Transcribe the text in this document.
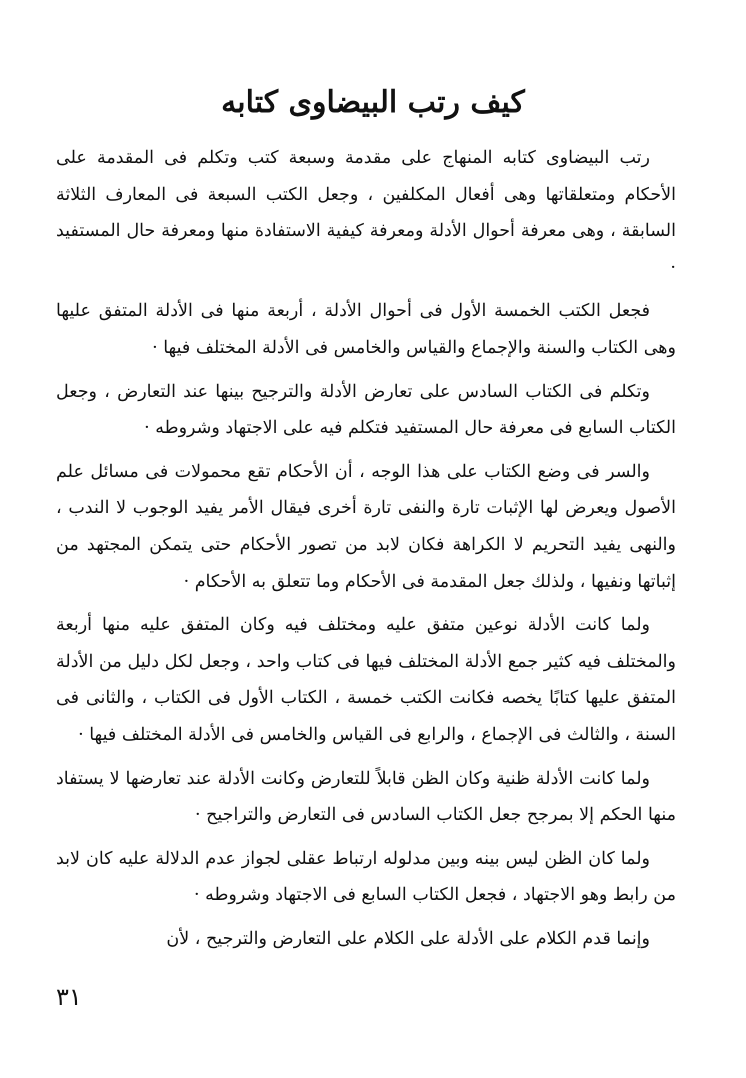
كيف رتب البيضاوى كتابه

رتب البيضاوى كتابه المنهاج على مقدمة وسبعة كتب وتكلم فى المقدمة على الأحكام ومتعلقاتها وهى أفعال المكلفين ، وجعل الكتب السبعة فى المعارف الثلاثة السابقة ، وهى معرفة أحوال الأدلة ومعرفة كيفية الاستفادة منها ومعرفة حال المستفيد ·

فجعل الكتب الخمسة الأول فى أحوال الأدلة ، أربعة منها فى الأدلة المتفق عليها وهى الكتاب والسنة والإجماع والقياس والخامس فى الأدلة المختلف فيها ·

وتكلم فى الكتاب السادس على تعارض الأدلة والترجيح بينها عند التعارض ، وجعل الكتاب السابع فى معرفة حال المستفيد فتكلم فيه على الاجتهاد وشروطه ·

والسر فى وضع الكتاب على هذا الوجه ، أن الأحكام تقع محمولات فى مسائل علم الأصول ويعرض لها الإثبات تارة والنفى تارة أخرى فيقال الأمر يفيد الوجوب لا الندب ، والنهى يفيد التحريم لا الكراهة فكان لابد من تصور الأحكام حتى يتمكن المجتهد من إثباتها ونفيها ، ولذلك جعل المقدمة فى الأحكام وما تتعلق به الأحكام ·

ولما كانت الأدلة نوعين متفق عليه ومختلف فيه وكان المتفق عليه منها أربعة والمختلف فيه كثير جمع الأدلة المختلف فيها فى كتاب واحد ، وجعل لكل دليل من الأدلة المتفق عليها كتابًا يخصه فكانت الكتب خمسة ، الكتاب الأول فى الكتاب ، والثانى فى السنة ، والثالث فى الإجماع ، والرابع فى القياس والخامس فى الأدلة المختلف فيها ·

ولما كانت الأدلة ظنية وكان الظن قابلاً للتعارض وكانت الأدلة عند تعارضها لا يستفاد منها الحكم إلا بمرجح جعل الكتاب السادس فى التعارض والتراجيح ·

ولما كان الظن ليس بينه وبين مدلوله ارتباط عقلى لجواز عدم الدلالة عليه كان لابد من رابط وهو الاجتهاد ، فجعل الكتاب السابع فى الاجتهاد وشروطه ·

وإنما قدم الكلام على الأدلة على الكلام على التعارض والترجيح ، لأن

٣١
